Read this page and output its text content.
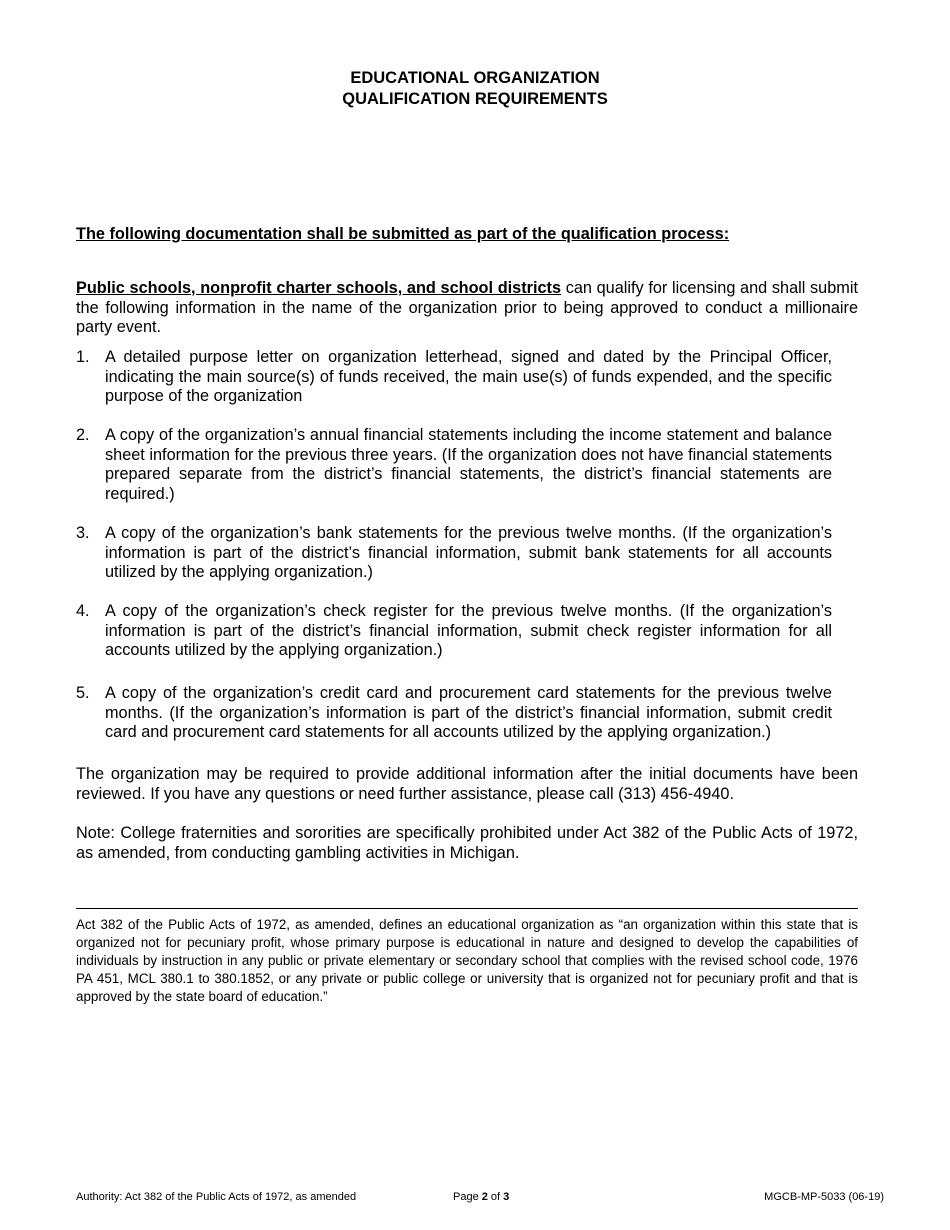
EDUCATIONAL ORGANIZATION
QUALIFICATION REQUIREMENTS
The following documentation shall be submitted as part of the qualification process:
Public schools, nonprofit charter schools, and school districts can qualify for licensing and shall submit the following information in the name of the organization prior to being approved to conduct a millionaire party event.
1. A detailed purpose letter on organization letterhead, signed and dated by the Principal Officer, indicating the main source(s) of funds received, the main use(s) of funds expended, and the specific purpose of the organization
2. A copy of the organization’s annual financial statements including the income statement and balance sheet information for the previous three years. (If the organization does not have financial statements prepared separate from the district’s financial statements, the district’s financial statements are required.)
3. A copy of the organization’s bank statements for the previous twelve months. (If the organization’s information is part of the district’s financial information, submit bank statements for all accounts utilized by the applying organization.)
4. A copy of the organization’s check register for the previous twelve months. (If the organization’s information is part of the district’s financial information, submit check register information for all accounts utilized by the applying organization.)
5. A copy of the organization’s credit card and procurement card statements for the previous twelve months. (If the organization’s information is part of the district’s financial information, submit credit card and procurement card statements for all accounts utilized by the applying organization.)
The organization may be required to provide additional information after the initial documents have been reviewed. If you have any questions or need further assistance, please call (313) 456-4940.
Note: College fraternities and sororities are specifically prohibited under Act 382 of the Public Acts of 1972, as amended, from conducting gambling activities in Michigan.
Act 382 of the Public Acts of 1972, as amended, defines an educational organization as “an organization within this state that is organized not for pecuniary profit, whose primary purpose is educational in nature and designed to develop the capabilities of individuals by instruction in any public or private elementary or secondary school that complies with the revised school code, 1976 PA 451, MCL 380.1 to 380.1852, or any private or public college or university that is organized not for pecuniary profit and that is approved by the state board of education.”
Authority: Act 382 of the Public Acts of 1972, as amended	Page 2 of 3	MGCB-MP-5033 (06-19)
